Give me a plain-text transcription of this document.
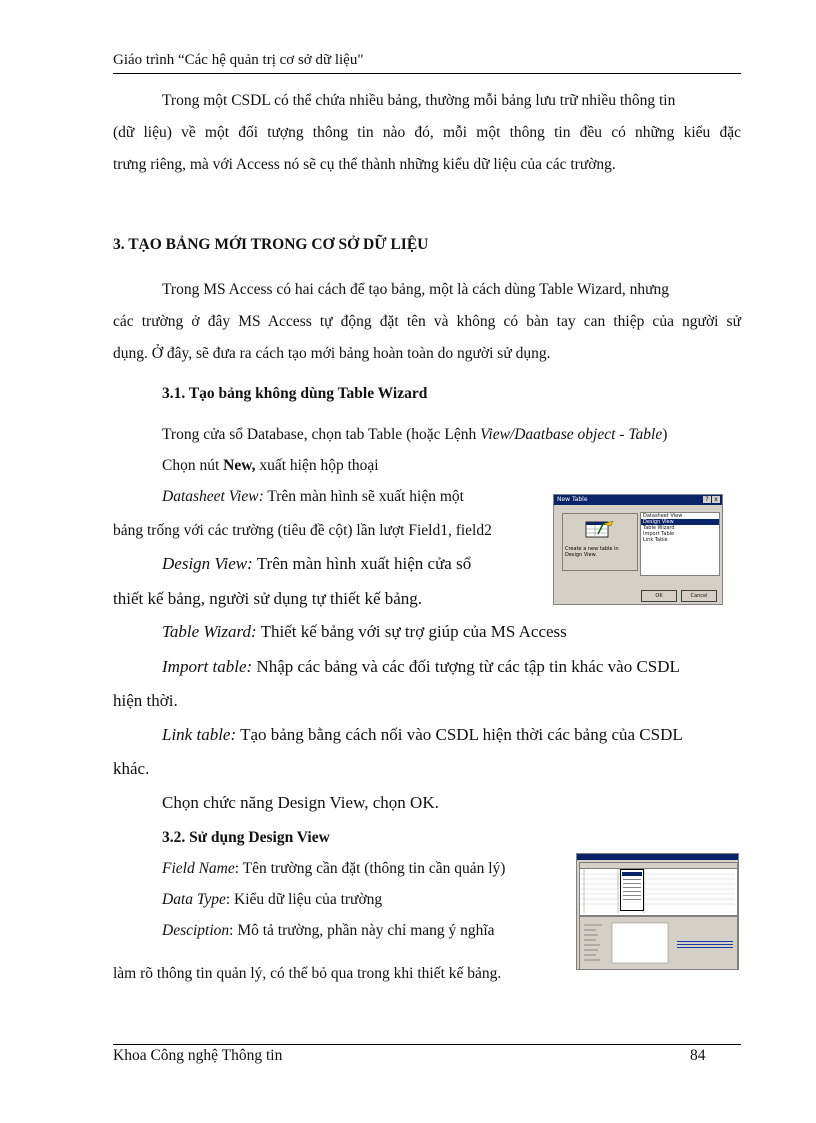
Giáo trình “Các hệ quản trị cơ sở dữ liệu"
Trong một CSDL có thể chứa nhiều bảng, thường mỗi bảng lưu trữ nhiều thông tin
(dữ liệu) về một đối tượng thông tin nào đó, mỗi một thông tin đều có những kiểu đặc
trưng riêng, mà với Access nó sẽ cụ thể thành những kiểu dữ liệu của các trường.
3. TẠO BẢNG MỚI TRONG CƠ SỞ DỮ LIỆU
Trong MS Access có hai cách để tạo bảng, một là cách dùng Table Wizard, nhưng
các trường ở đây MS Access tự động đặt tên và không có bàn tay can thiệp của người sử
dụng. Ở đây, sẽ đưa ra cách tạo mới bảng hoàn toàn do người sử dụng.
3.1. Tạo bảng không dùng Table Wizard
Trong cửa sổ Database, chọn tab Table (hoặc Lệnh View/Daatbase object - Table)
Chọn nút New, xuất hiện hộp thoại
Datasheet View: Trên màn hình sẽ xuất hiện một
bảng trống với các trường (tiêu đề cột) lần lượt Field1, field2
Design View: Trên màn hình xuất hiện cửa sổ
thiết kế bảng, người sử dụng tự thiết kế bảng.
Table Wizard: Thiết kế bảng với sự trợ giúp của MS Access
Import table: Nhập các bảng và các đối tượng từ các tập tin khác vào CSDL
hiện thời.
Link table: Tạo bảng bằng cách nối vào CSDL hiện thời các bảng của CSDL
khác.
Chọn chức năng Design View, chọn OK.
New Table	? x
Create a new table in Design View.
Datasheet View
Design View
Table Wizard
Import Table
Link Table
OK	Cancel
3.2. Sử dụng Design View
Field Name: Tên trường cần đặt (thông tin cần quản lý)
Data Type: Kiểu dữ liệu của trường
Desciption: Mô tả trường, phần này chỉ mang ý nghĩa
làm rõ thông tin quản lý, có thể bỏ qua trong khi thiết kế bảng.
Khoa Công nghệ Thông tin	84
